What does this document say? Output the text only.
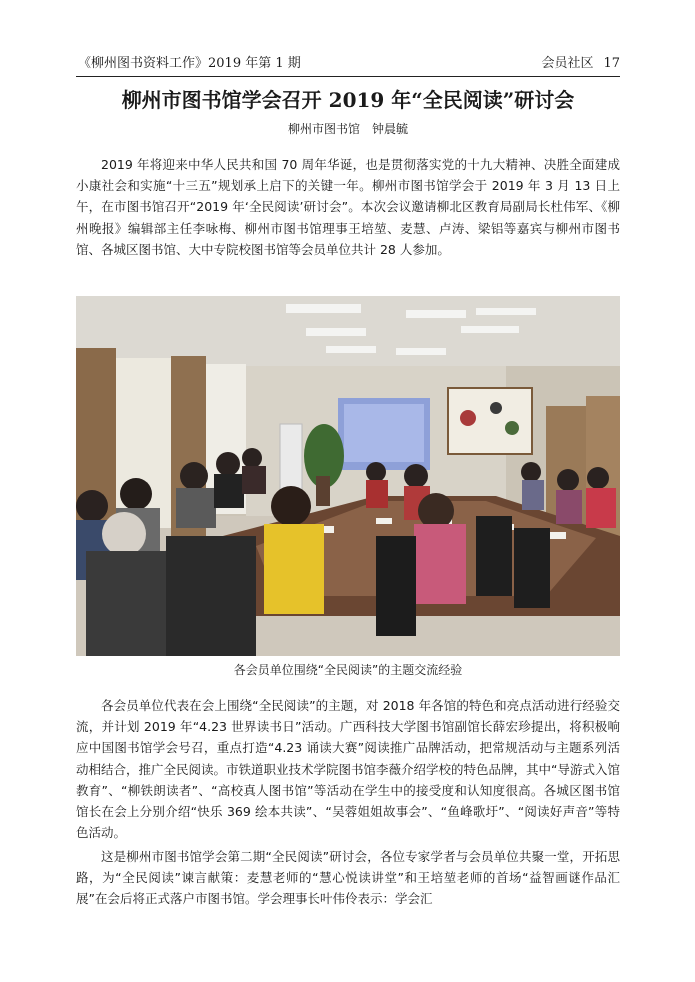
《柳州图书资料工作》2019 年第 1 期	会员社区 17
柳州市图书馆学会召开 2019 年“全民阅读”研讨会
柳州市图书馆　钟晨毓

2019 年将迎来中华人民共和国 70 周年华诞，也是贯彻落实党的十九大精神、决胜全面建成小康社会和实施“十三五”规划承上启下的关键一年。柳州市图书馆学会于 2019 年 3 月 13 日上午，在市图书馆召开“2019 年‘全民阅读’研讨会”。本次会议邀请柳北区教育局副局长杜伟军、《柳州晚报》编辑部主任李咏梅、柳州市图书馆理事王培堃、麦慧、卢涛、梁铝等嘉宾与柳州市图书馆、各城区图书馆、大中专院校图书馆等会员单位共计 28 人参加。

各会员单位围绕“全民阅读”的主题交流经验

各会员单位代表在会上围绕“全民阅读”的主题，对 2018 年各馆的特色和亮点活动进行经验交流，并计划 2019 年“4.23 世界读书日”活动。广西科技大学图书馆副馆长薛宏珍提出，将积极响应中国图书馆学会号召，重点打造“4.23 诵读大赛”阅读推广品牌活动，把常规活动与主题系列活动相结合，推广全民阅读。市铁道职业技术学院图书馆李薇介绍学校的特色品牌，其中“导游式入馆教育”、“柳铁朗读者”、“高校真人图书馆”等活动在学生中的接受度和认知度很高。各城区图书馆馆长在会上分别介绍“快乐 369 绘本共读”、“吴蓉姐姐故事会”、“鱼峰歌圩”、“阅读好声音”等特色活动。

这是柳州市图书馆学会第二期“全民阅读”研讨会，各位专家学者与会员单位共聚一堂，开拓思路，为“全民阅读”谏言献策：麦慧老师的“慧心悦读讲堂”和王培堃老师的首场“益智画谜作品汇展”在会后将正式落户市图书馆。学会理事长叶伟伶表示：学会汇
